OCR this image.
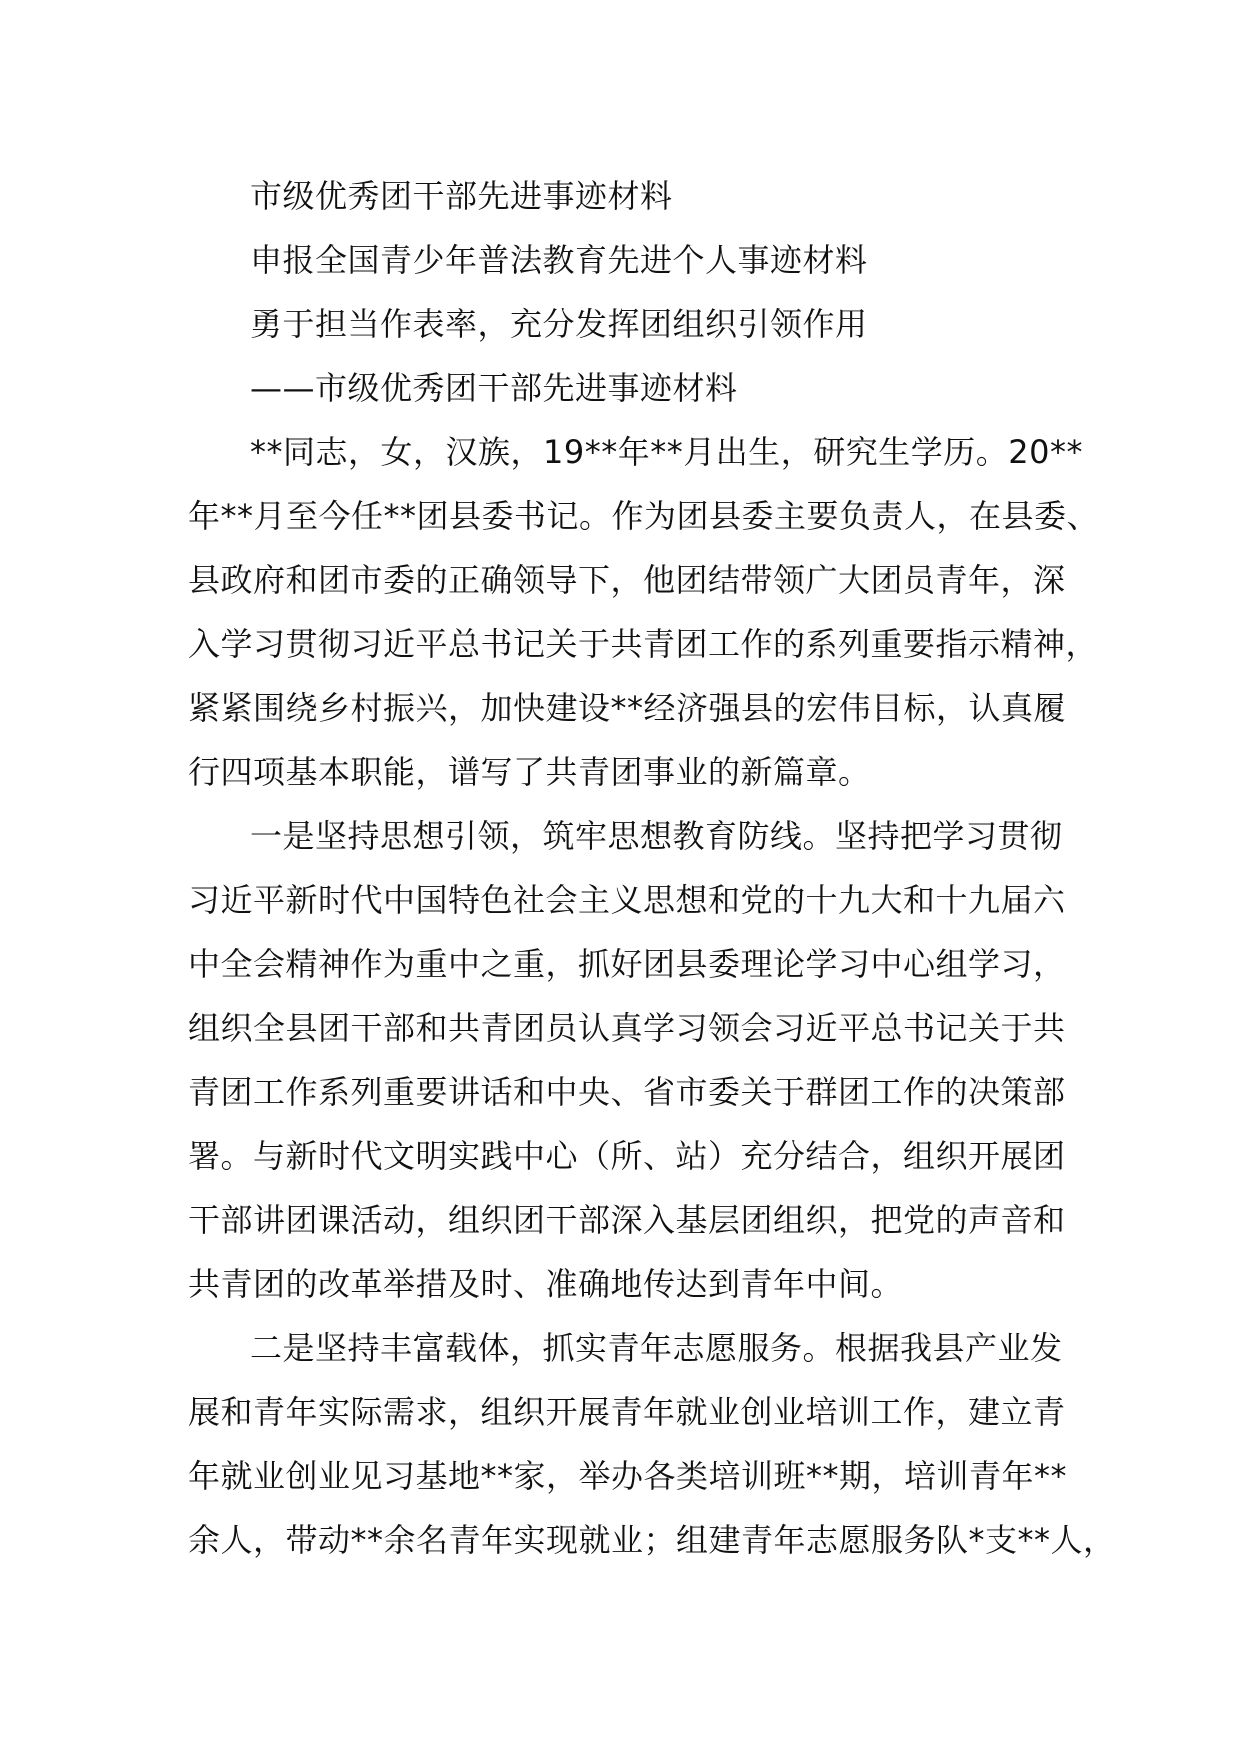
市级优秀团干部先进事迹材料
申报全国青少年普法教育先进个人事迹材料
勇于担当作表率，充分发挥团组织引领作用
——市级优秀团干部先进事迹材料
**同志，女，汉族，19**年**月出生，研究生学历。20**
年**月至今任**团县委书记。作为团县委主要负责人，在县委、
县政府和团市委的正确领导下，他团结带领广大团员青年，深
入学习贯彻习近平总书记关于共青团工作的系列重要指示精神，
紧紧围绕乡村振兴，加快建设**经济强县的宏伟目标，认真履
行四项基本职能，谱写了共青团事业的新篇章。
一是坚持思想引领，筑牢思想教育防线。坚持把学习贯彻
习近平新时代中国特色社会主义思想和党的十九大和十九届六
中全会精神作为重中之重，抓好团县委理论学习中心组学习，
组织全县团干部和共青团员认真学习领会习近平总书记关于共
青团工作系列重要讲话和中央、省市委关于群团工作的决策部
署。与新时代文明实践中心（所、站）充分结合，组织开展团
干部讲团课活动，组织团干部深入基层团组织，把党的声音和
共青团的改革举措及时、准确地传达到青年中间。
二是坚持丰富载体，抓实青年志愿服务。根据我县产业发
展和青年实际需求，组织开展青年就业创业培训工作，建立青
年就业创业见习基地**家，举办各类培训班**期，培训青年**
余人，带动**余名青年实现就业；组建青年志愿服务队*支**人，
